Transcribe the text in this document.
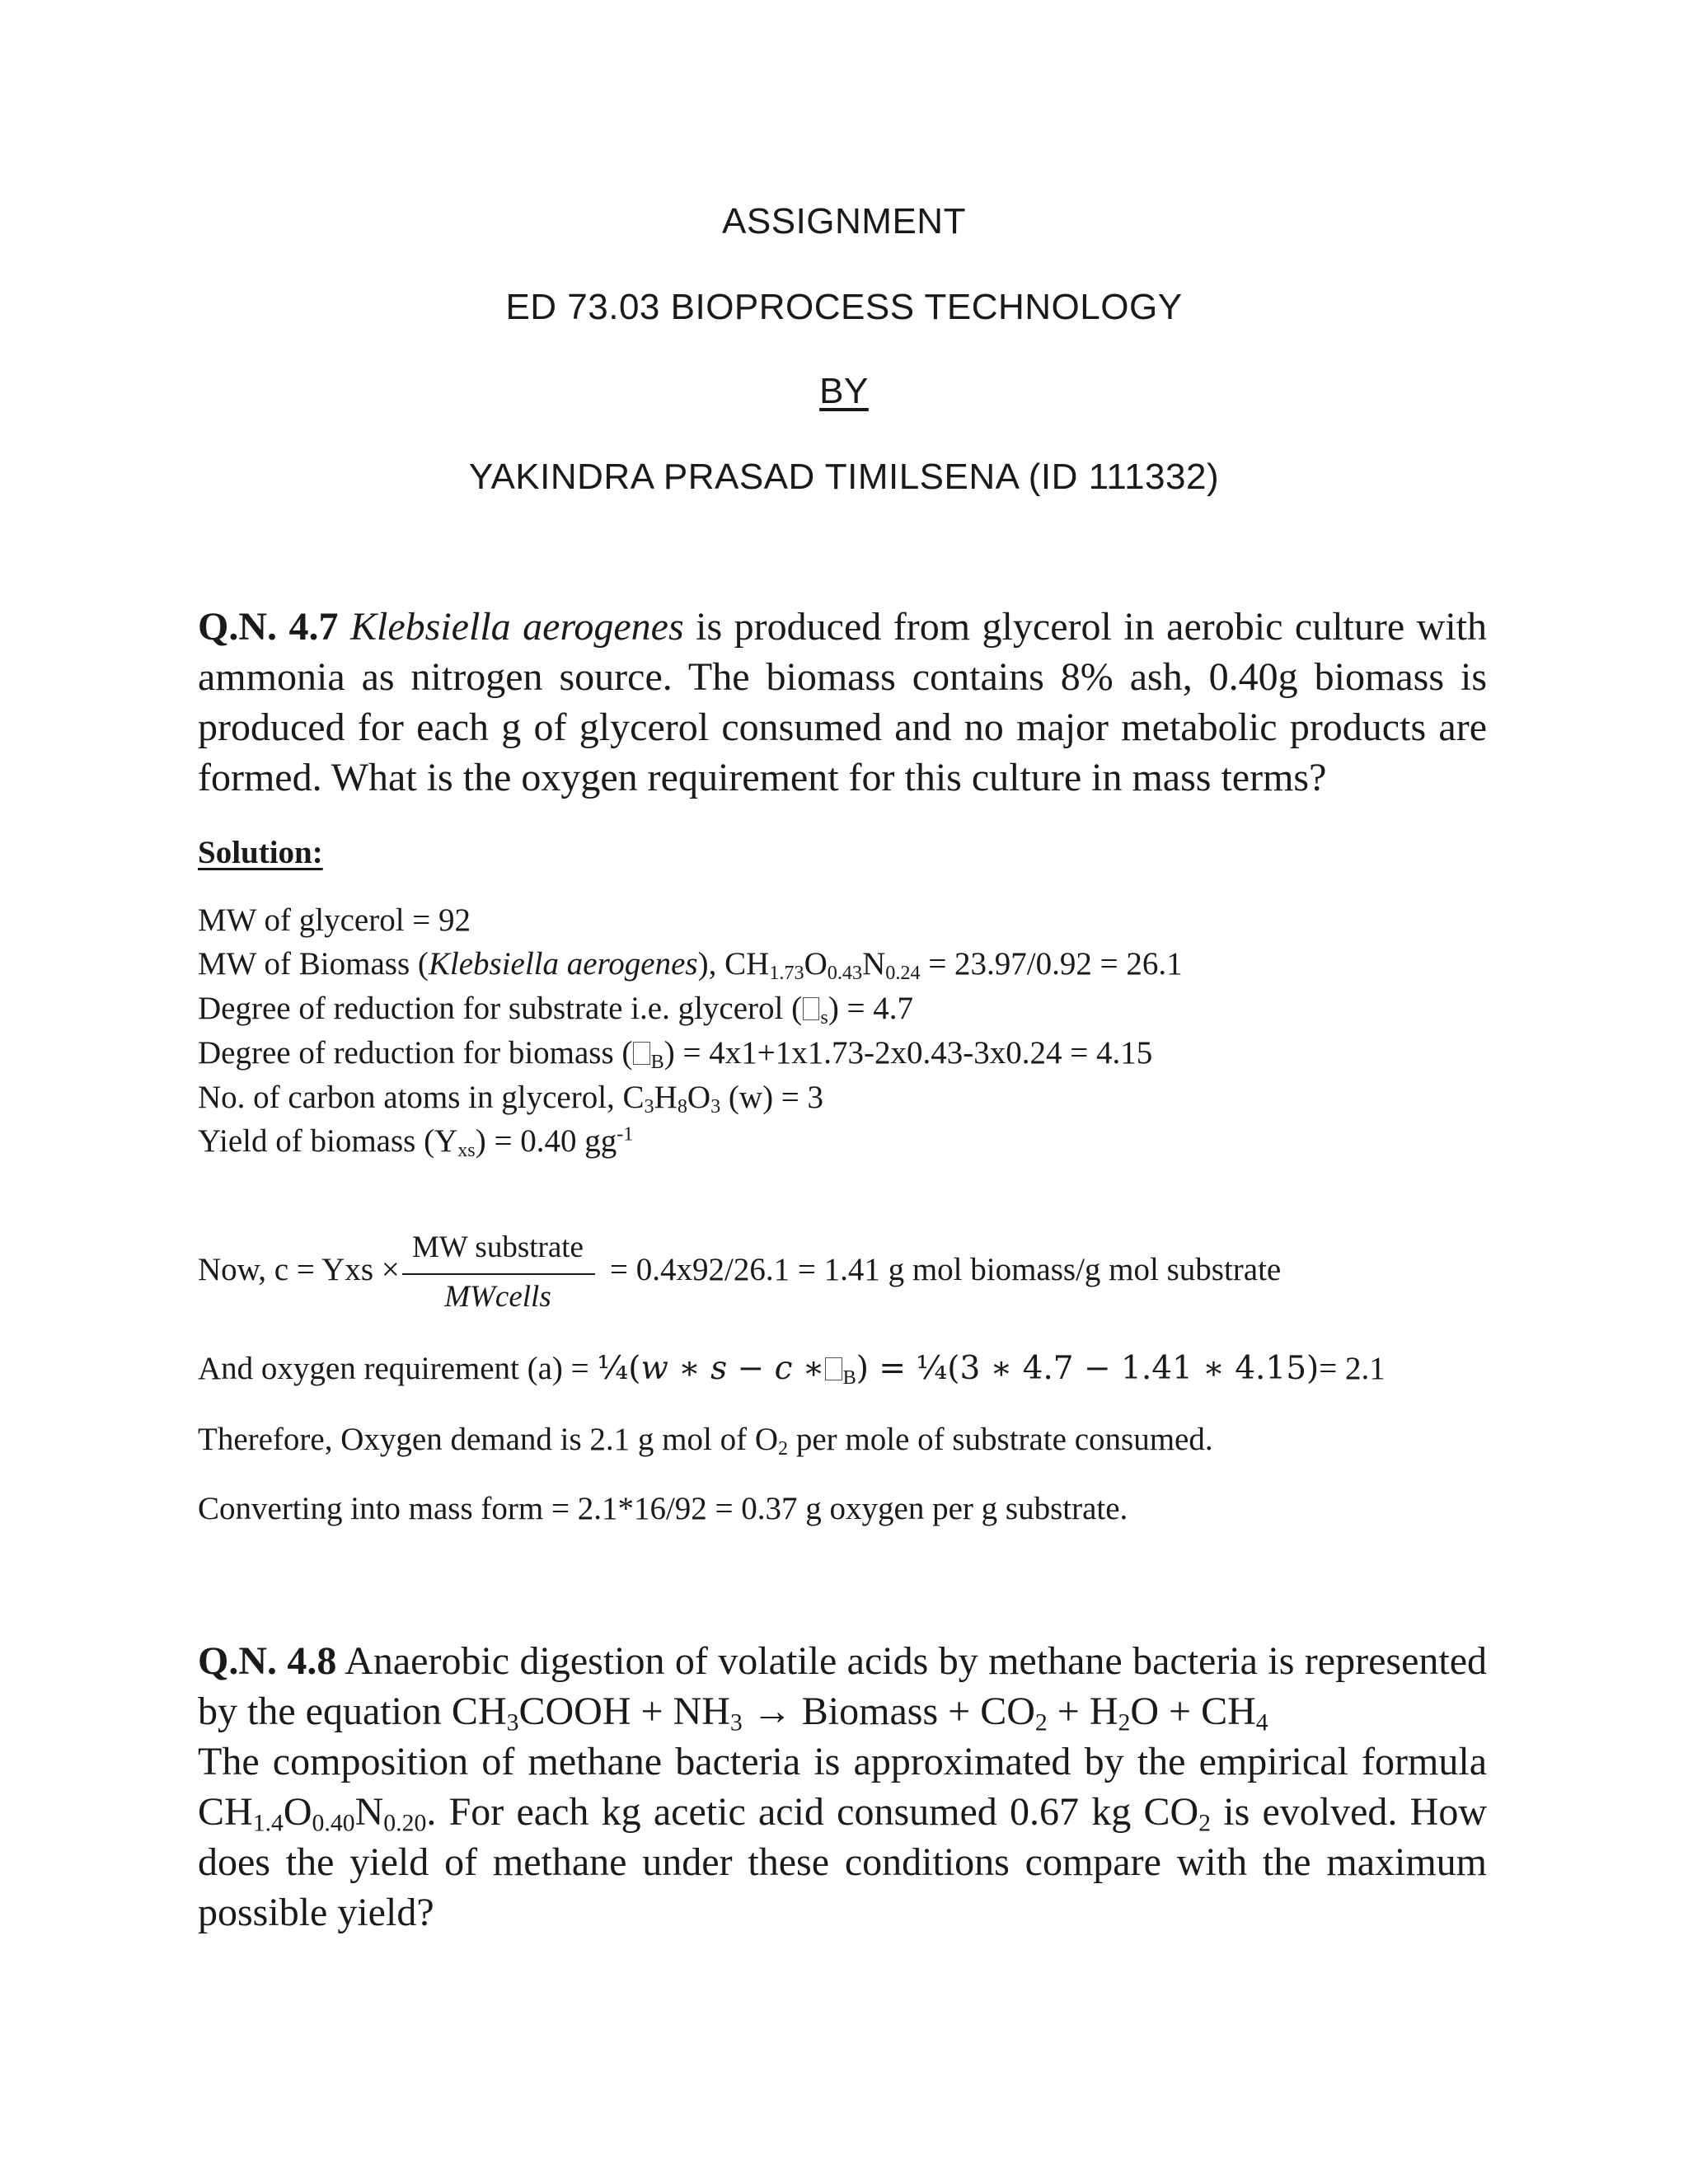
ASSIGNMENT
ED 73.03 BIOPROCESS TECHNOLOGY
BY
YAKINDRA PRASAD TIMILSENA (ID 111332)
Q.N. 4.7 Klebsiella aerogenes is produced from glycerol in aerobic culture with ammonia as nitrogen source. The biomass contains 8% ash, 0.40g biomass is produced for each g of glycerol consumed and no major metabolic products are formed. What is the oxygen requirement for this culture in mass terms?
Solution:
MW of glycerol = 92
MW of Biomass (Klebsiella aerogenes), $CH_{1.73}O_{0.43}N_{0.24} = 23.97/0.92 = 26.1$
Degree of reduction for substrate i.e. glycerol ( $_s$) = 4.7
Degree of reduction for biomass ( $_B$) = 4x1+1x1.73-2x0.43-3x0.24 = 4.15
No. of carbon atoms in glycerol, $C_3H_8O_3$ (w) = 3
Yield of biomass $(Y_{xs}) = 0.40$ $gg^{-1}$
Now, c = Yxs ×
MW substrate
MWcells
= 0.4x92/26.1 = 1.41 g mol biomass/g mol substrate
And oxygen requirement (a) = ¼(w ∗ s − c ∗ $_B$) = ¼(3 ∗ 4.7 − 1.41 ∗ 4.15)= 2.1
Therefore, Oxygen demand is 2.1 g mol of $O_2$ per mole of substrate consumed.
Converting into mass form = 2.1*16/92 = 0.37 g oxygen per g substrate.
Q.N. 4.8 Anaerobic digestion of volatile acids by methane bacteria is represented by the equation $CH_3COOH + NH_3$ → Biomass + $CO_2 + H_2O + CH_4$
The composition of methane bacteria is approximated by the empirical formula $CH_{1.4}O_{0.40}N_{0.20}$. For each kg acetic acid consumed 0.67 kg $CO_2$ is evolved. How does the yield of methane under these conditions compare with the maximum possible yield?
